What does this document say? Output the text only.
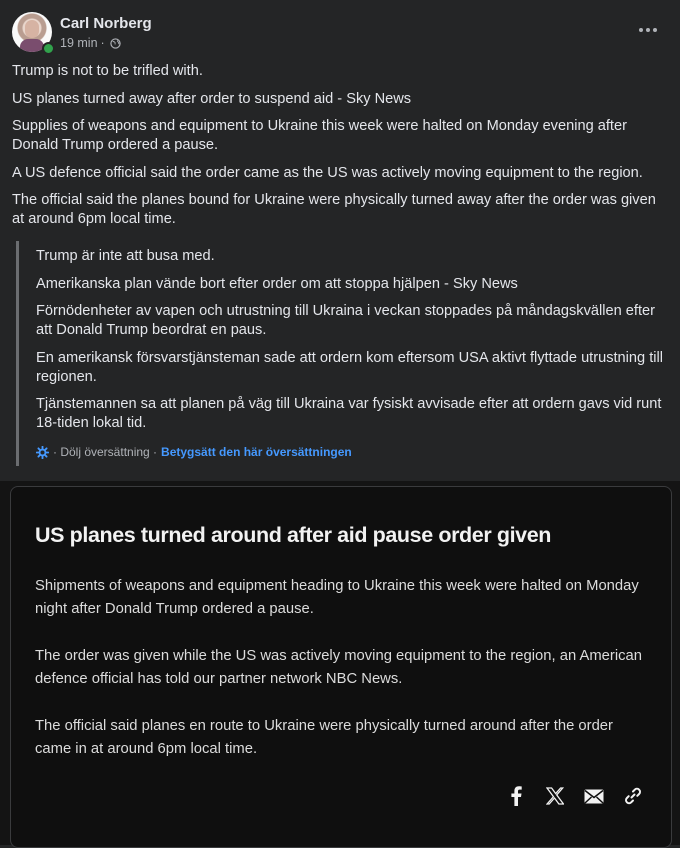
Carl Norberg
19 min ·

Trump is not to be trifled with.

US planes turned away after order to suspend aid - Sky News

Supplies of weapons and equipment to Ukraine this week were halted on Monday evening after Donald Trump ordered a pause.

A US defence official said the order came as the US was actively moving equipment to the region.

The official said the planes bound for Ukraine were physically turned away after the order was given at around 6pm local time.

Trump är inte att busa med.

Amerikanska plan vände bort efter order om att stoppa hjälpen - Sky News

Förnödenheter av vapen och utrustning till Ukraina i veckan stoppades på måndagskvällen efter att Donald Trump beordrat en paus.

En amerikansk försvarstjänsteman sade att ordern kom eftersom USA aktivt flyttade utrustning till regionen.

Tjänstemannen sa att planen på väg till Ukraina var fysiskt avvisade efter att ordern gavs vid runt 18-tiden lokal tid.

· Dölj översättning · Betygsätt den här översättningen
US planes turned around after aid pause order given

Shipments of weapons and equipment heading to Ukraine this week were halted on Monday night after Donald Trump ordered a pause.

The order was given while the US was actively moving equipment to the region, an American defence official has told our partner network NBC News.

The official said planes en route to Ukraine were physically turned around after the order came in at around 6pm local time.
